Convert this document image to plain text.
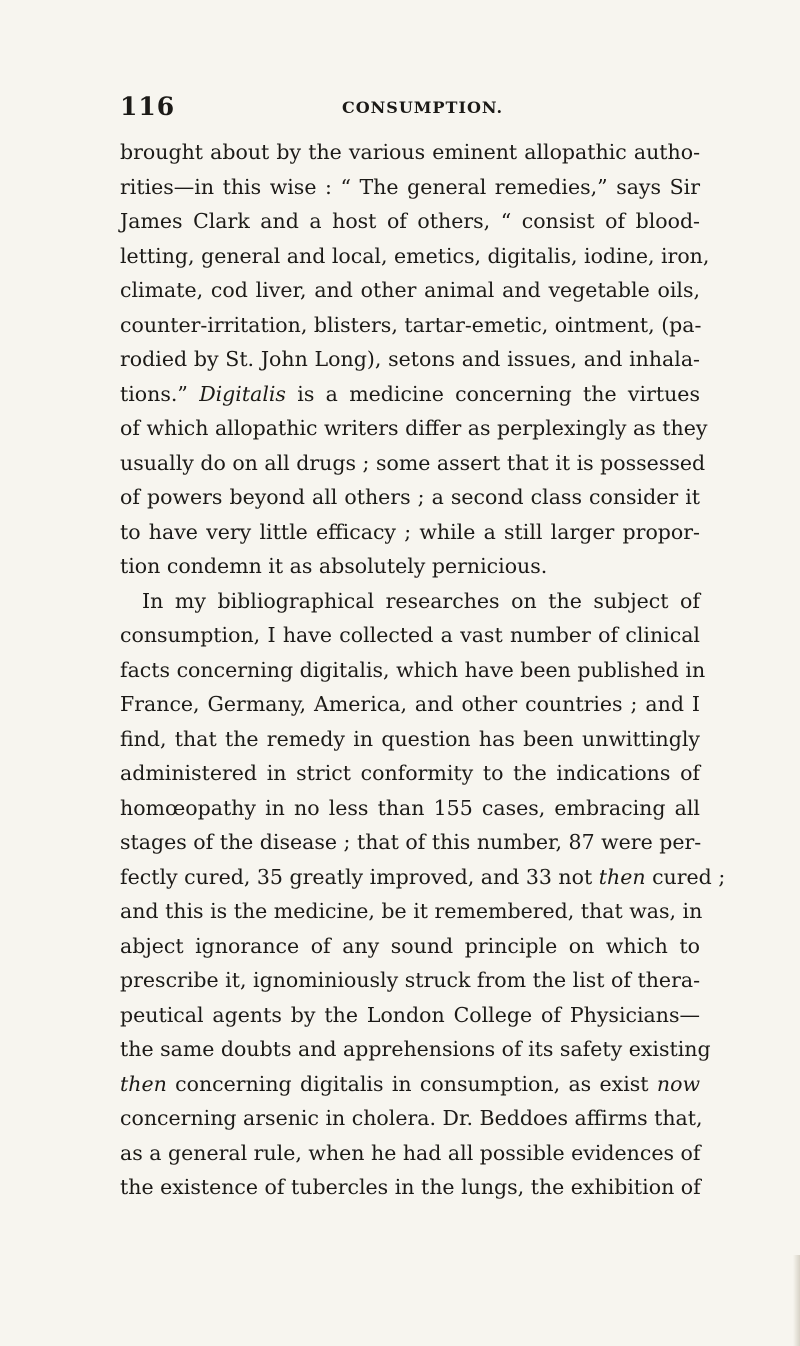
116	CONSUMPTION.
brought about by the various eminent allopathic autho-
rities—in this wise : “ The general remedies,” says Sir
James Clark and a host of others, “ consist of blood-
letting, general and local, emetics, digitalis, iodine, iron,
climate, cod liver, and other animal and vegetable oils,
counter-irritation, blisters, tartar-emetic, ointment, (pa-
rodied by St. John Long), setons and issues, and inhala-
tions.” Digitalis is a medicine concerning the virtues
of which allopathic writers differ as perplexingly as they
usually do on all drugs ; some assert that it is possessed
of powers beyond all others ; a second class consider it
to have very little efficacy ; while a still larger propor-
tion condemn it as absolutely pernicious.
In my bibliographical researches on the subject of
consumption, I have collected a vast number of clinical
facts concerning digitalis, which have been published in
France, Germany, America, and other countries ; and I
find, that the remedy in question has been unwittingly
administered in strict conformity to the indications of
homœopathy in no less than 155 cases, embracing all
stages of the disease ; that of this number, 87 were per-
fectly cured, 35 greatly improved, and 33 not then cured ;
and this is the medicine, be it remembered, that was, in
abject ignorance of any sound principle on which to
prescribe it, ignominiously struck from the list of thera-
peutical agents by the London College of Physicians—
the same doubts and apprehensions of its safety existing
then concerning digitalis in consumption, as exist now
concerning arsenic in cholera. Dr. Beddoes affirms that,
as a general rule, when he had all possible evidences of
the existence of tubercles in the lungs, the exhibition of
